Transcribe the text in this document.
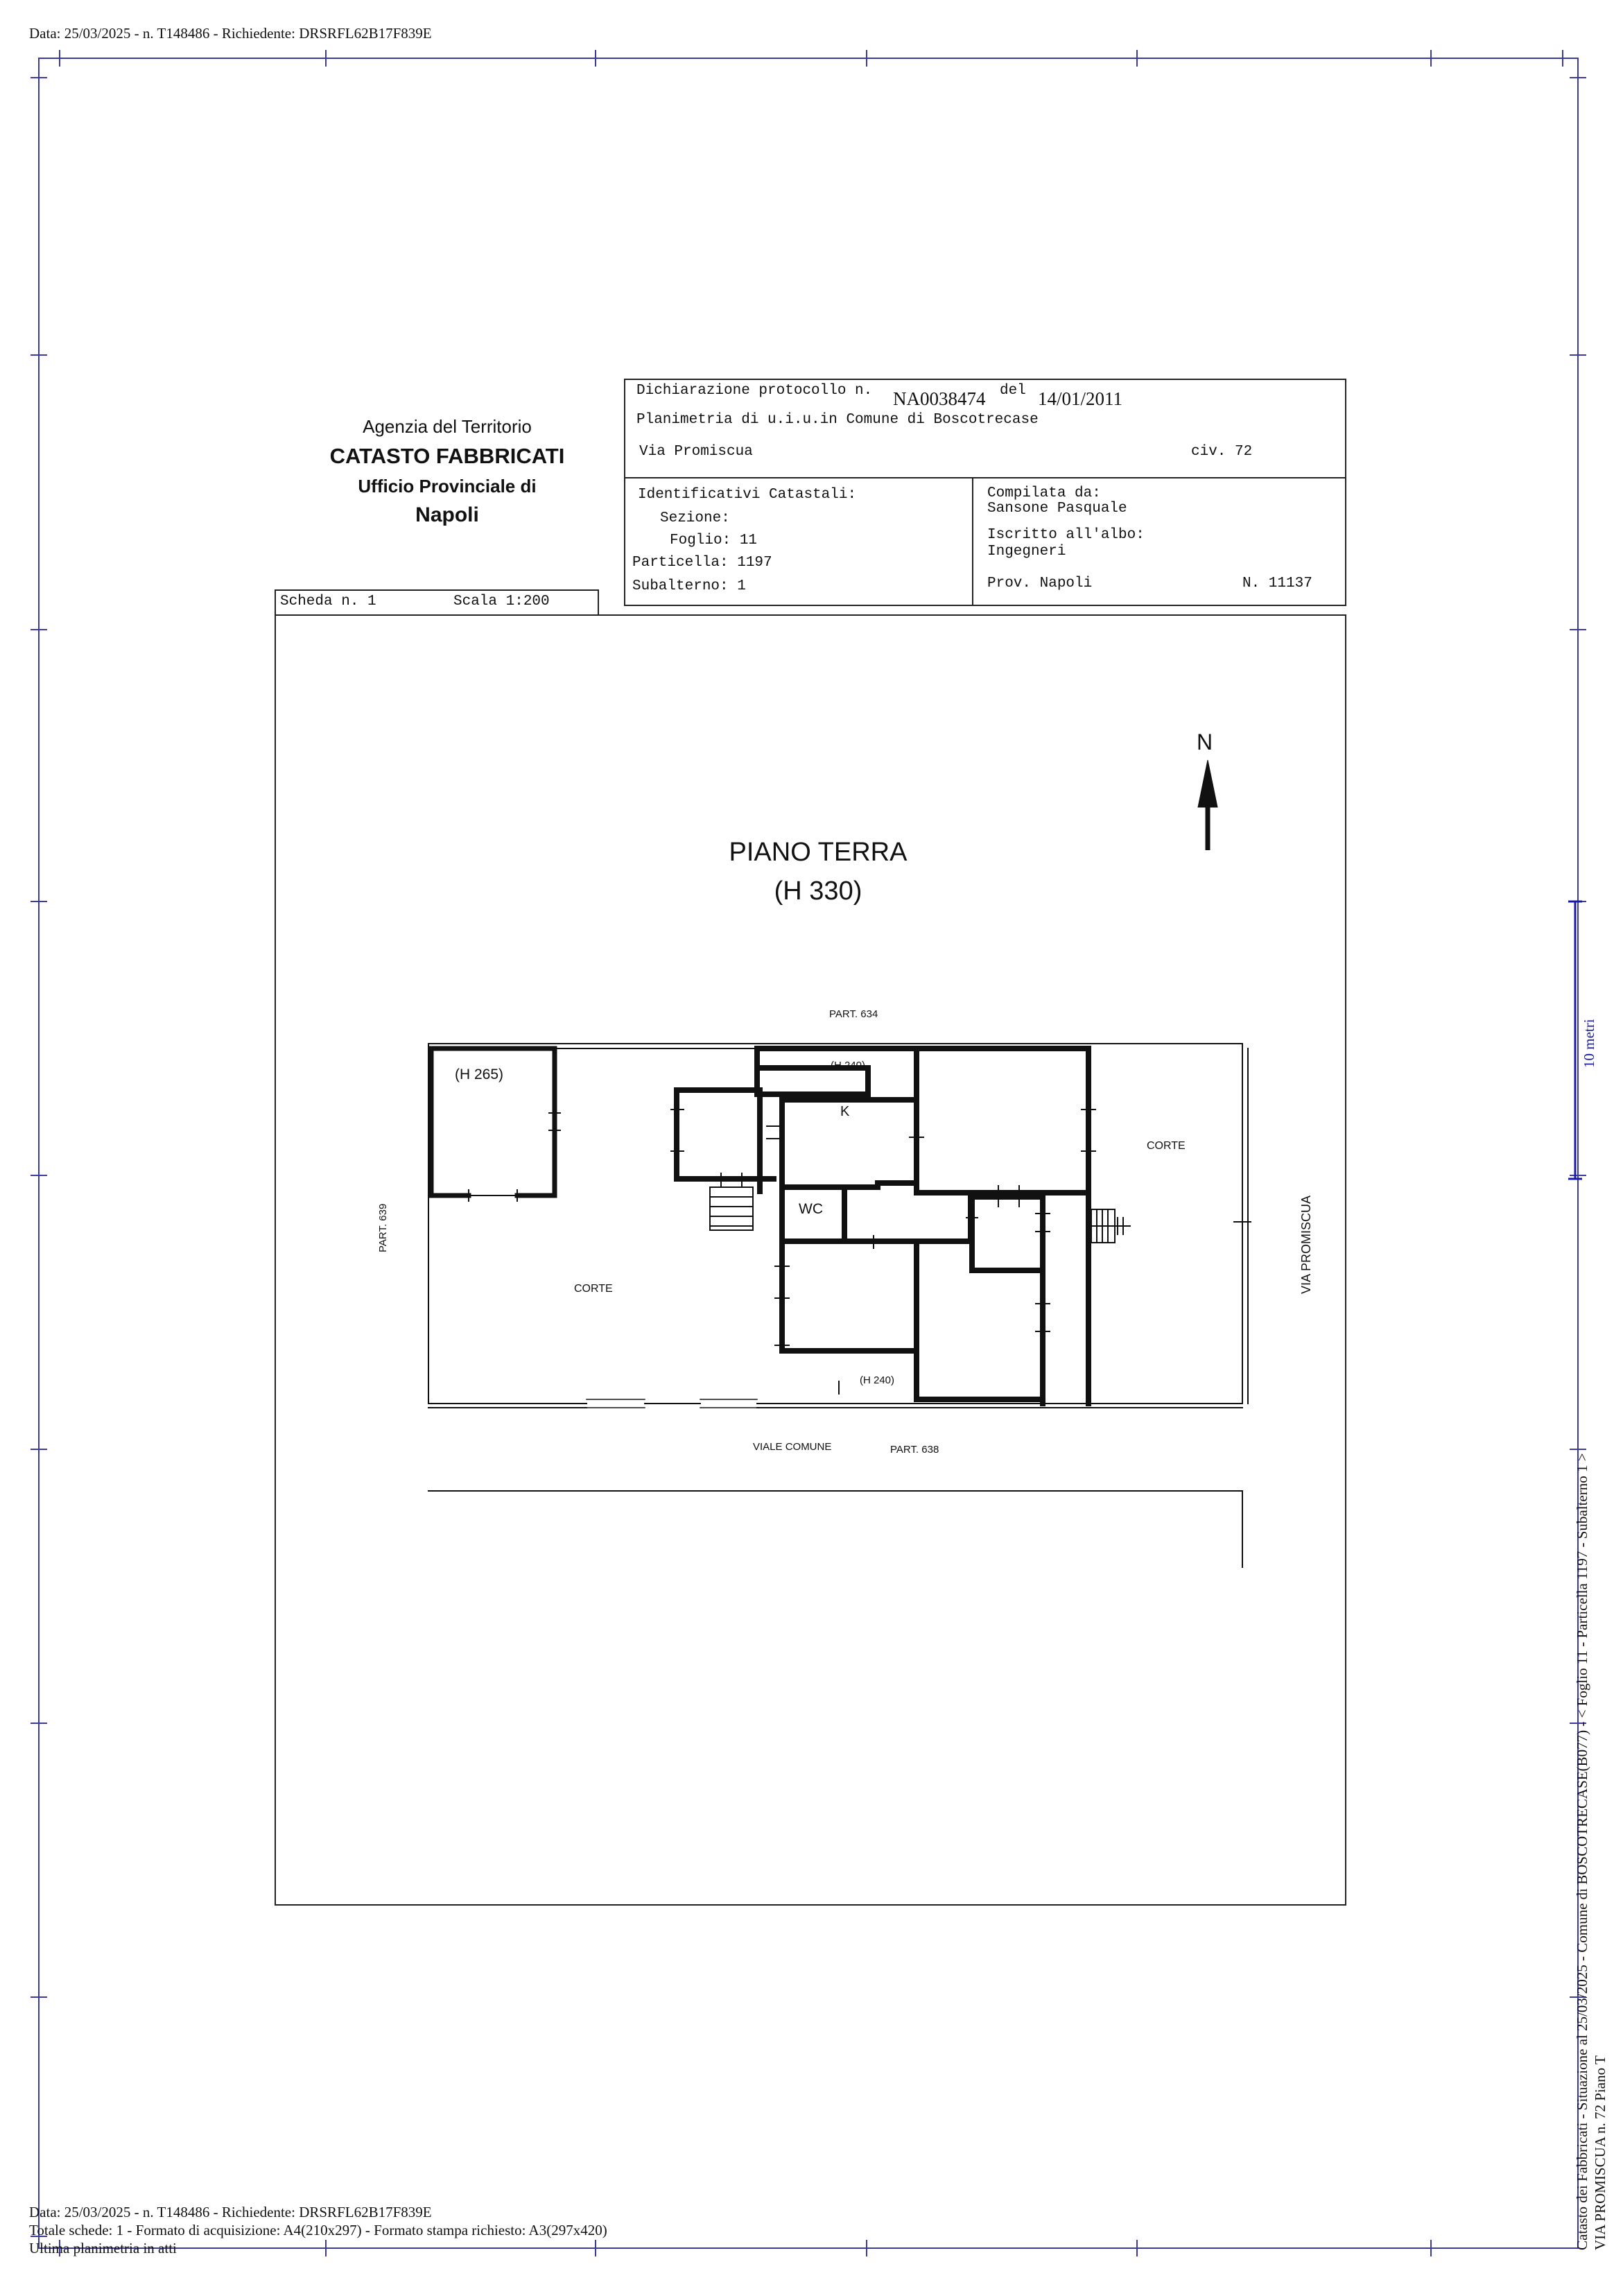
Data: 25/03/2025 - n. T148486 - Richiedente: DRSRFL62B17F839E
10 metri
Catasto dei Fabbricati - Situazione al 25/03/2025 - Comune di BOSCOTRECASE(B077) - < Foglio 11 - Particella 1197 - Subalterno 1 > VIA PROMISCUA n. 72 Piano T
Agenzia del Territorio
CATASTO FABBRICATI
Ufficio Provinciale di
Napoli
Dichiarazione protocollo n. NA0038474 del 14/01/2011
Planimetria di u.i.u.in Comune di Boscotrecase
Via Promiscua	civ. 72
Identificativi Catastali:
Sezione:
Foglio: 11
Particella: 1197
Subalterno: 1
Compilata da:
Sansone Pasquale
Iscritto all'albo:
Ingegneri
Prov. Napoli	N. 11137
Scheda n. 1	Scala 1:200
N
PIANO TERRA
(H 330)
PART. 634
PART. 638
PART. 639
(H 265)
(H 240)
(H 240)
K
WC
CORTE
CORTE
VIALE COMUNE
VIA PROMISCUA
Data: 25/03/2025 - n. T148486 - Richiedente: DRSRFL62B17F839E
Totale schede: 1 - Formato di acquisizione: A4(210x297) - Formato stampa richiesto: A3(297x420)
Ultima planimetria in atti
